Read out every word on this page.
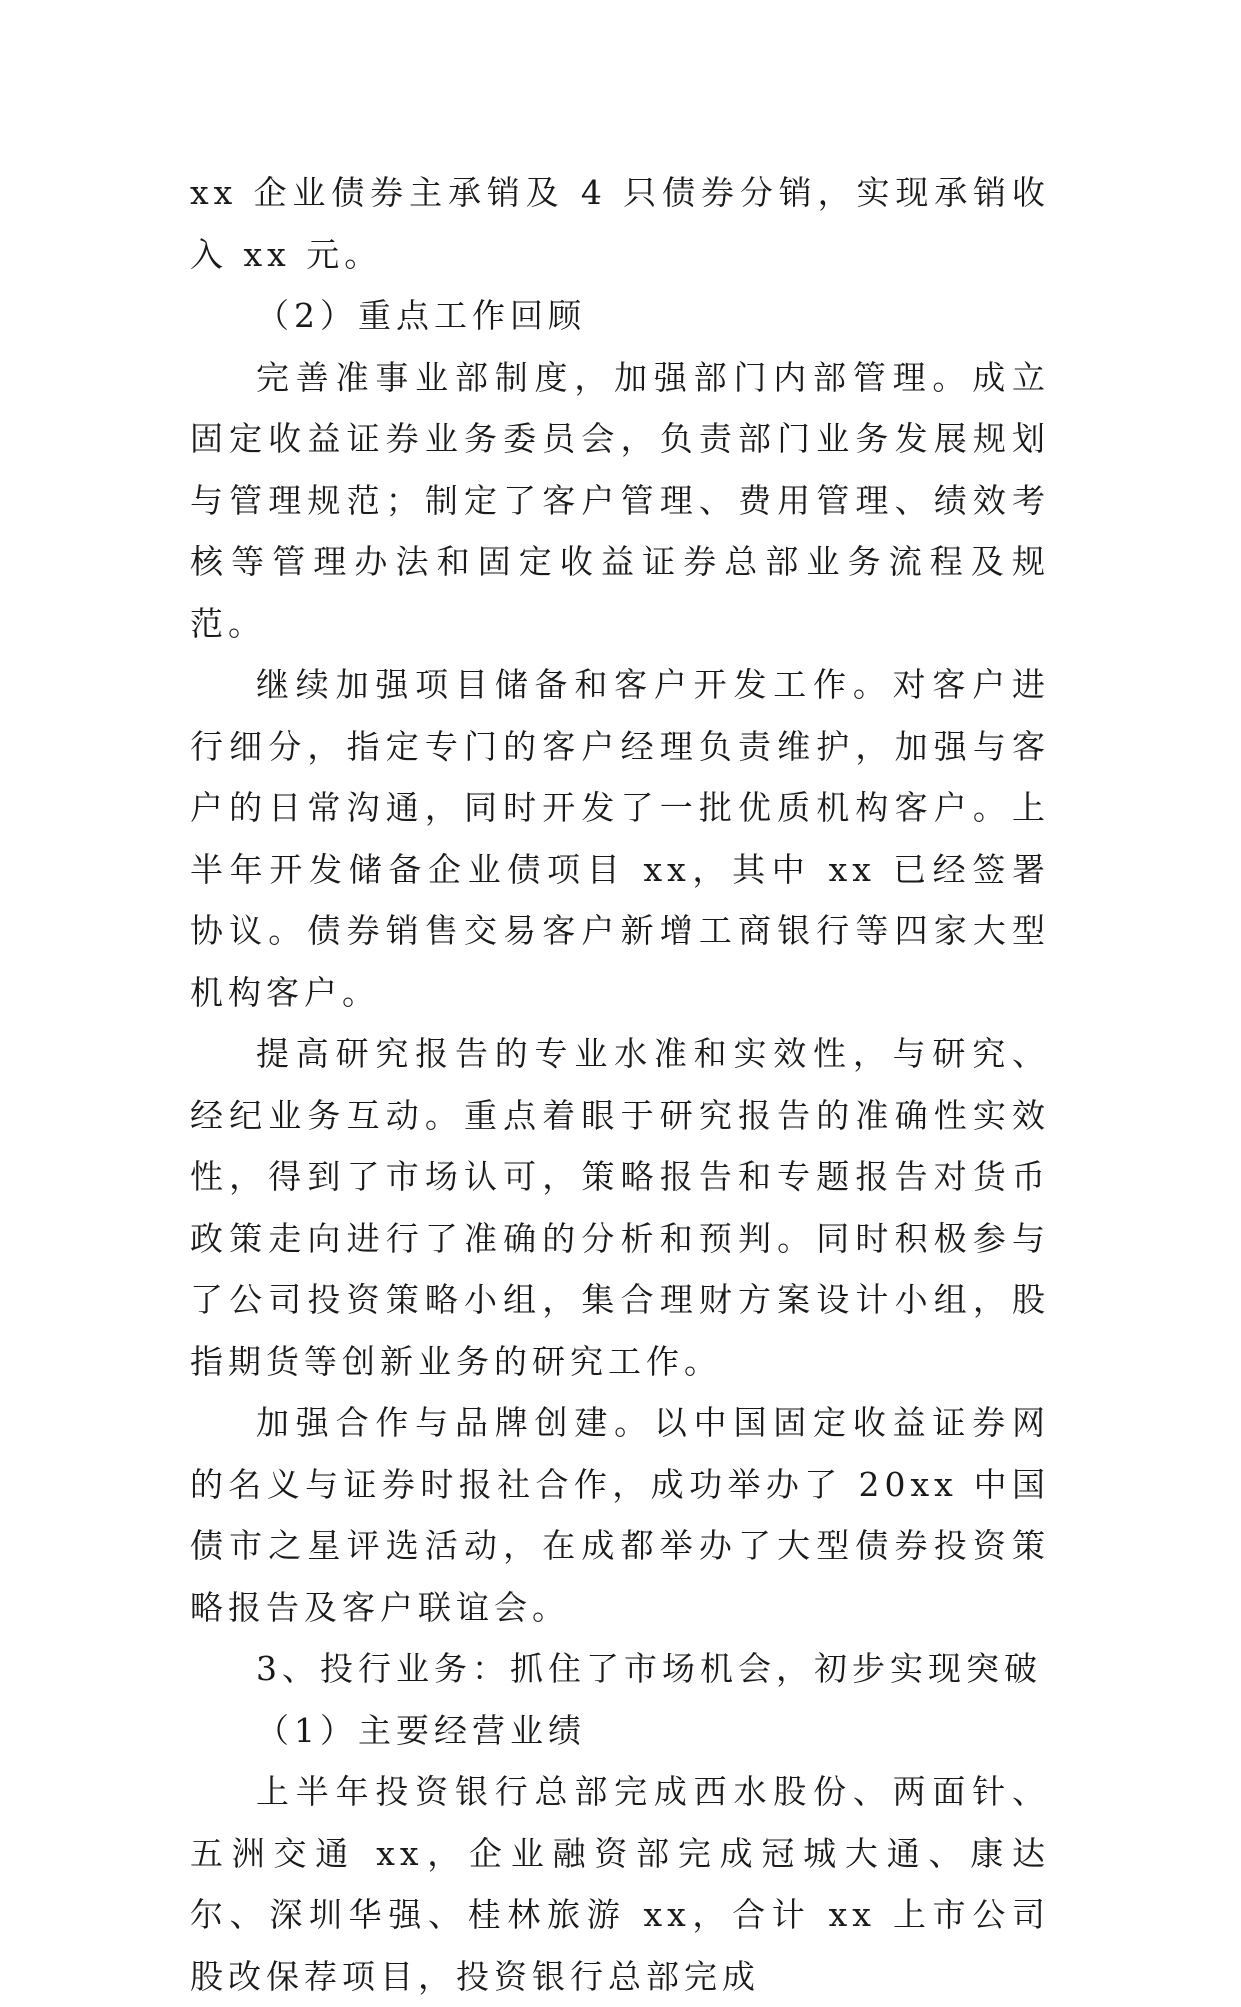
xx 企业债券主承销及 4 只债券分销，实现承销收入 xx 元。

（2）重点工作回顾

完善准事业部制度，加强部门内部管理。成立固定收益证券业务委员会，负责部门业务发展规划与管理规范；制定了客户管理、费用管理、绩效考核等管理办法和固定收益证券总部业务流程及规范。

继续加强项目储备和客户开发工作。对客户进行细分，指定专门的客户经理负责维护，加强与客户的日常沟通，同时开发了一批优质机构客户。上半年开发储备企业债项目 xx，其中 xx 已经签署协议。债券销售交易客户新增工商银行等四家大型机构客户。

提高研究报告的专业水准和实效性，与研究、经纪业务互动。重点着眼于研究报告的准确性实效性，得到了市场认可，策略报告和专题报告对货币政策走向进行了准确的分析和预判。同时积极参与了公司投资策略小组，集合理财方案设计小组，股指期货等创新业务的研究工作。

加强合作与品牌创建。以中国固定收益证券网的名义与证券时报社合作，成功举办了 20xx 中国债市之星评选活动，在成都举办了大型债券投资策略报告及客户联谊会。

3、投行业务：抓住了市场机会，初步实现突破

（1）主要经营业绩

上半年投资银行总部完成西水股份、两面针、五洲交通 xx，企业融资部完成冠城大通、康达尔、深圳华强、桂林旅游 xx，合计 xx 上市公司股改保荐项目，投资银行总部完成
